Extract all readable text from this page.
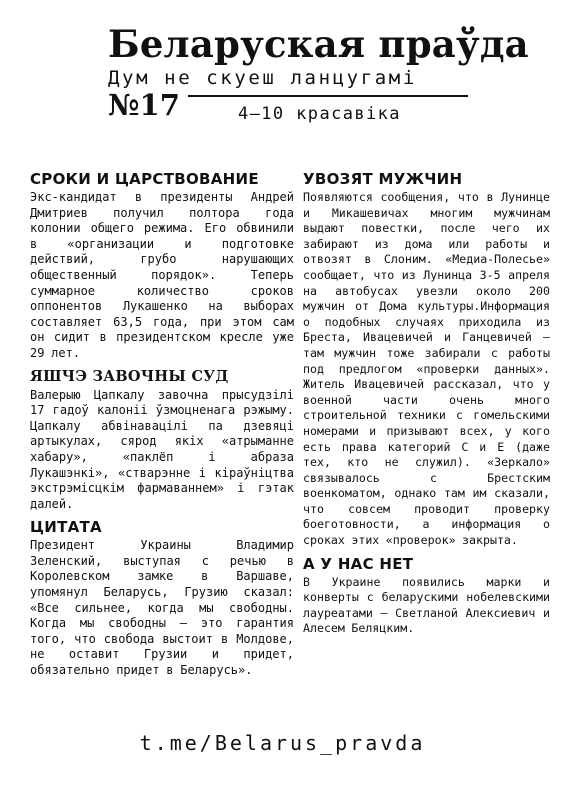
Беларуская праўда
Дум не скуеш ланцугамі
№17	4—10 красавіка
СРОКИ И ЦАРСТВОВАНИЕ
Экс-кандидат в президенты Андрей Дмитриев получил полтора года колонии общего режима. Его обвинили в «организации и подготовке действий, грубо нарушающих общественный порядок». Теперь суммарное количество сроков оппонентов Лукашенко на выборах составляет 63,5 года, при этом сам он сидит в президентском кресле уже 29 лет.
ЯШЧЭ ЗАВОЧНЫ СУД
Валерыю Цапкалу завочна прысудзілі 17 гадоў калоніі ўзмоцненага рэжыму. Цапкалу абвінавацілі па дзевяці артыкулах, сярод якіх «атрыманне хабару», «паклёп і абраза Лукашэнкі», «стварэнне і кіраўніцтва экстрэмісцкім фармаваннем» і гэтак далей.
ЦИТАТА
Президент Украины Владимир Зеленский, выступая с речью в Королевском замке в Варшаве, упомянул Беларусь, Грузию сказал: «Все сильнее, когда мы свободны. Когда мы свободны — это гарантия того, что свобода выстоит в Молдове, не оставит Грузии и придет, обязательно придет в Беларусь».
УВОЗЯТ МУЖЧИН
Появляются сообщения, что в Лунинце и Микашевичах многим мужчинам выдают повестки, после чего их забирают из дома или работы и отвозят в Слоним. «Медиа-Полесье» сообщает, что из Лунинца 3-5 апреля на автобусах увезли около 200 мужчин от Дома культуры.Информация о подобных случаях приходила из Бреста, Ивацевичей и Ганцевичей — там мужчин тоже забирали с работы под предлогом «проверки данных». Житель Ивацевичей рассказал, что у военной части очень много строительной техники с гомельскими номерами и призывают всех, у кого есть права категорий С и Е (даже тех, кто не служил). «Зеркало» связывалось с Брестским военкоматом, однако там им сказали, что совсем проводит проверку боеготовности, а информация о сроках этих «проверок» закрыта.
А У НАС НЕТ
В Украине появились марки и конверты с беларускими нобелевскими лауреатами — Светланой Алексиевич и Алесем Беляцким.
t.me/Belarus_pravda
